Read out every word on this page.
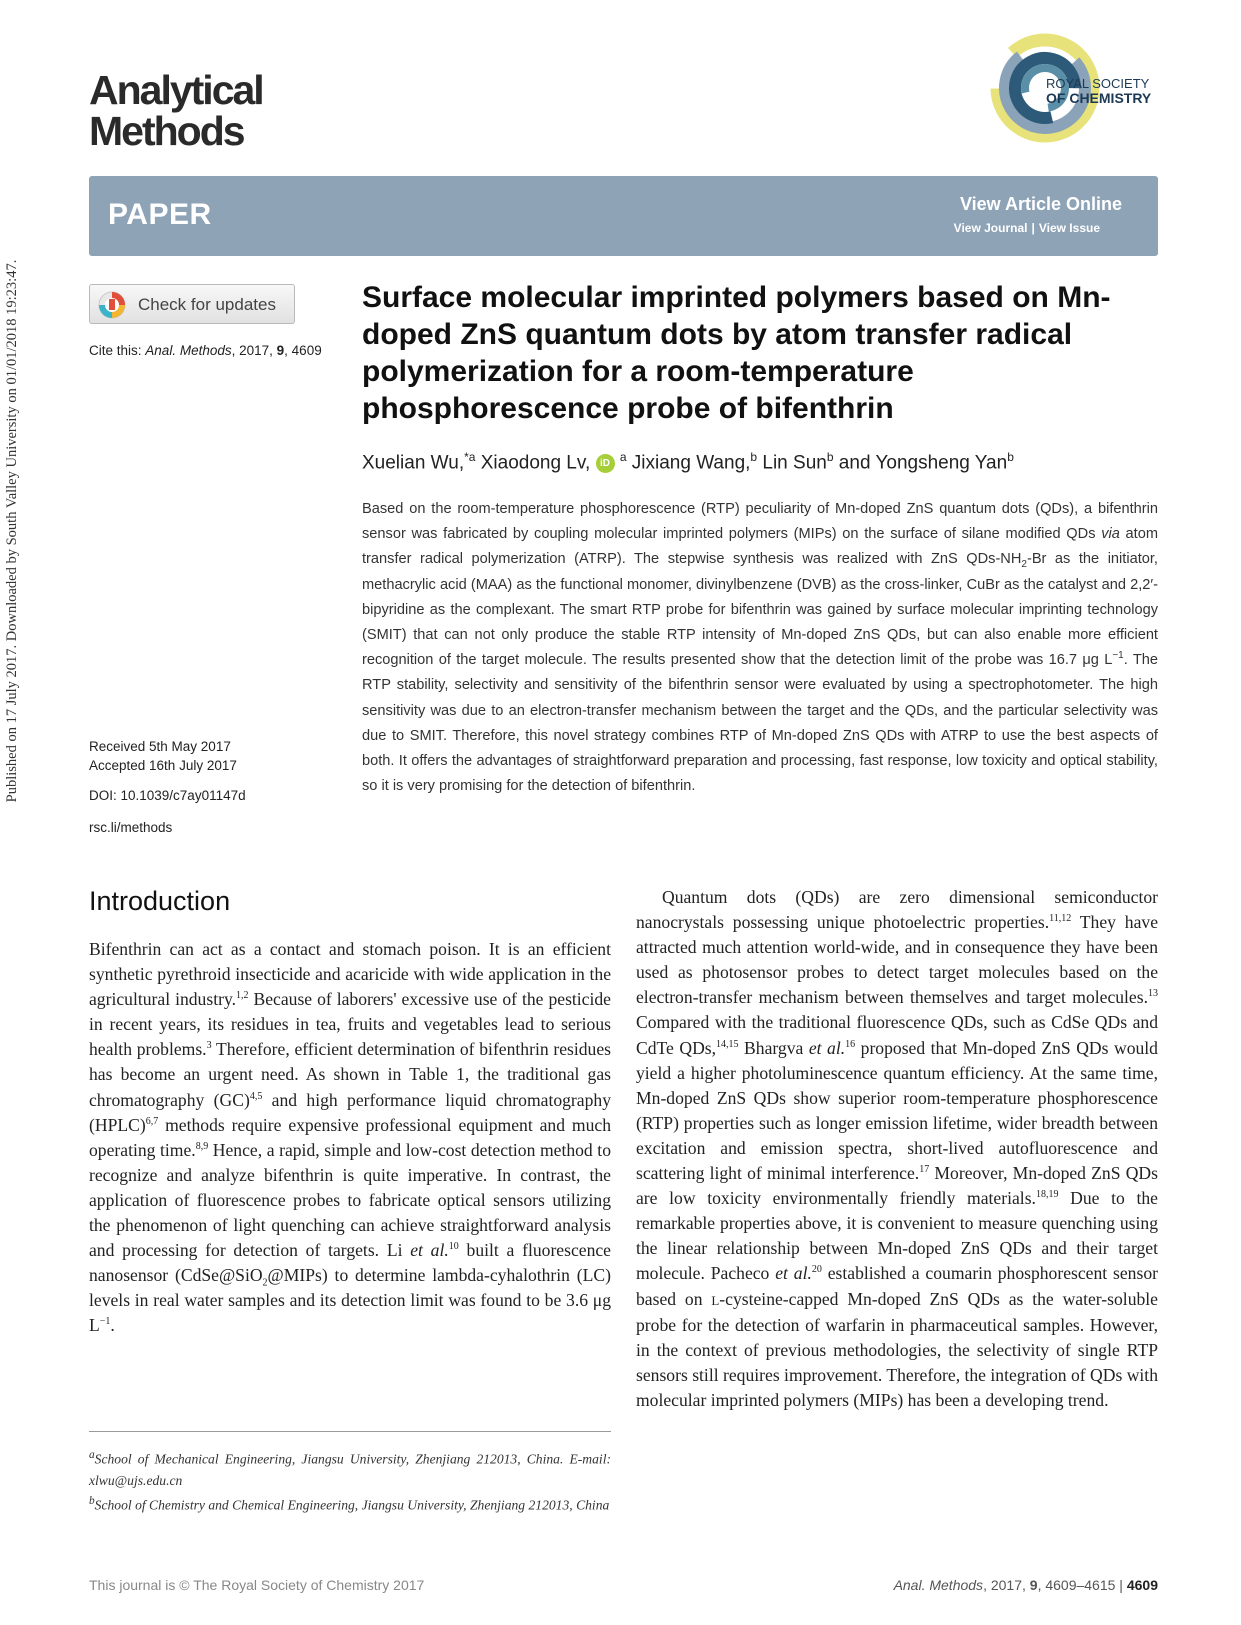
Published on 17 July 2017. Downloaded by South Valley University on 01/01/2018 19:23:47.
Analytical
Methods
ROYAL SOCIETY
OF CHEMISTRY
PAPER	View Article Online
View Journal | View Issue
Check for updates
Cite this: Anal. Methods, 2017, 9, 4609
Surface molecular imprinted polymers based on Mn-doped ZnS quantum dots by atom transfer radical polymerization for a room-temperature phosphorescence probe of bifenthrin
Xuelian Wu,$^{*a}$ Xiaodong Lv, iD $^a$ Jixiang Wang,$^b$ Lin Sun$^b$ and Yongsheng Yan$^b$
Based on the room-temperature phosphorescence (RTP) peculiarity of Mn-doped ZnS quantum dots (QDs), a bifenthrin sensor was fabricated by coupling molecular imprinted polymers (MIPs) on the surface of silane modified QDs via atom transfer radical polymerization (ATRP). The stepwise synthesis was realized with ZnS QDs-$NH_2-Br$ as the initiator, methacrylic acid (MAA) as the functional monomer, divinylbenzene (DVB) as the cross-linker, CuBr as the catalyst and 2,2′-bipyridine as the complexant. The smart RTP probe for bifenthrin was gained by surface molecular imprinting technology (SMIT) that can not only produce the stable RTP intensity of Mn-doped ZnS QDs, but can also enable more efficient recognition of the target molecule. The results presented show that the detection limit of the probe was 16.7 μg $L^{-1}$. The RTP stability, selectivity and sensitivity of the bifenthrin sensor were evaluated by using a spectrophotometer. The high sensitivity was due to an electron-transfer mechanism between the target and the QDs, and the particular selectivity was due to SMIT. Therefore, this novel strategy combines RTP of Mn-doped ZnS QDs with ATRP to use the best aspects of both. It offers the advantages of straightforward preparation and processing, fast response, low toxicity and optical stability, so it is very promising for the detection of bifenthrin.
Received 5th May 2017
Accepted 16th July 2017
DOI: 10.1039/c7ay01147d
rsc.li/methods
Introduction
Bifenthrin can act as a contact and stomach poison. It is an efficient synthetic pyrethroid insecticide and acaricide with wide application in the agricultural industry.$^{1,2}$ Because of laborers' excessive use of the pesticide in recent years, its residues in tea, fruits and vegetables lead to serious health problems.$^3$ Therefore, efficient determination of bifenthrin residues has become an urgent need. As shown in Table 1, the traditional gas chromatography (GC)$^{4,5}$ and high performance liquid chromatography (HPLC)$^{6,7}$ methods require expensive professional equipment and much operating time.$^{8,9}$ Hence, a rapid, simple and low-cost detection method to recognize and analyze bifenthrin is quite imperative. In contrast, the application of fluorescence probes to fabricate optical sensors utilizing the phenomenon of light quenching can achieve straightforward analysis and processing for detection of targets. Li et al.$^{10}$ built a fluorescence nanosensor (CdSe@SiO$_2$@MIPs) to determine lambda-cyhalothrin (LC) levels in real water samples and its detection limit was found to be 3.6 μg $L^{-1}$.
Quantum dots (QDs) are zero dimensional semiconductor nanocrystals possessing unique photoelectric properties.$^{11,12}$ They have attracted much attention world-wide, and in consequence they have been used as photosensor probes to detect target molecules based on the electron-transfer mechanism between themselves and target molecules.$^{13}$ Compared with the traditional fluorescence QDs, such as CdSe QDs and CdTe QDs,$^{14,15}$ Bhargva et al.$^{16}$ proposed that Mn-doped ZnS QDs would yield a higher photoluminescence quantum efficiency. At the same time, Mn-doped ZnS QDs show superior room-temperature phosphorescence (RTP) properties such as longer emission lifetime, wider breadth between excitation and emission spectra, short-lived autofluorescence and scattering light of minimal interference.$^{17}$ Moreover, Mn-doped ZnS QDs are low toxicity environmentally friendly materials.$^{18,19}$ Due to the remarkable properties above, it is convenient to measure quenching using the linear relationship between Mn-doped ZnS QDs and their target molecule. Pacheco et al.$^{20}$ established a coumarin phosphorescent sensor based on L-cysteine-capped Mn-doped ZnS QDs as the water-soluble probe for the detection of warfarin in pharmaceutical samples. However, in the context of previous methodologies, the selectivity of single RTP sensors still requires improvement. Therefore, the integration of QDs with molecular imprinted polymers (MIPs) has been a developing trend.
$^a$School of Mechanical Engineering, Jiangsu University, Zhenjiang 212013, China. E-mail: xlwu@ujs.edu.cn
$^b$School of Chemistry and Chemical Engineering, Jiangsu University, Zhenjiang 212013, China
This journal is © The Royal Society of Chemistry 2017	Anal. Methods, 2017, 9, 4609–4615 | 4609
